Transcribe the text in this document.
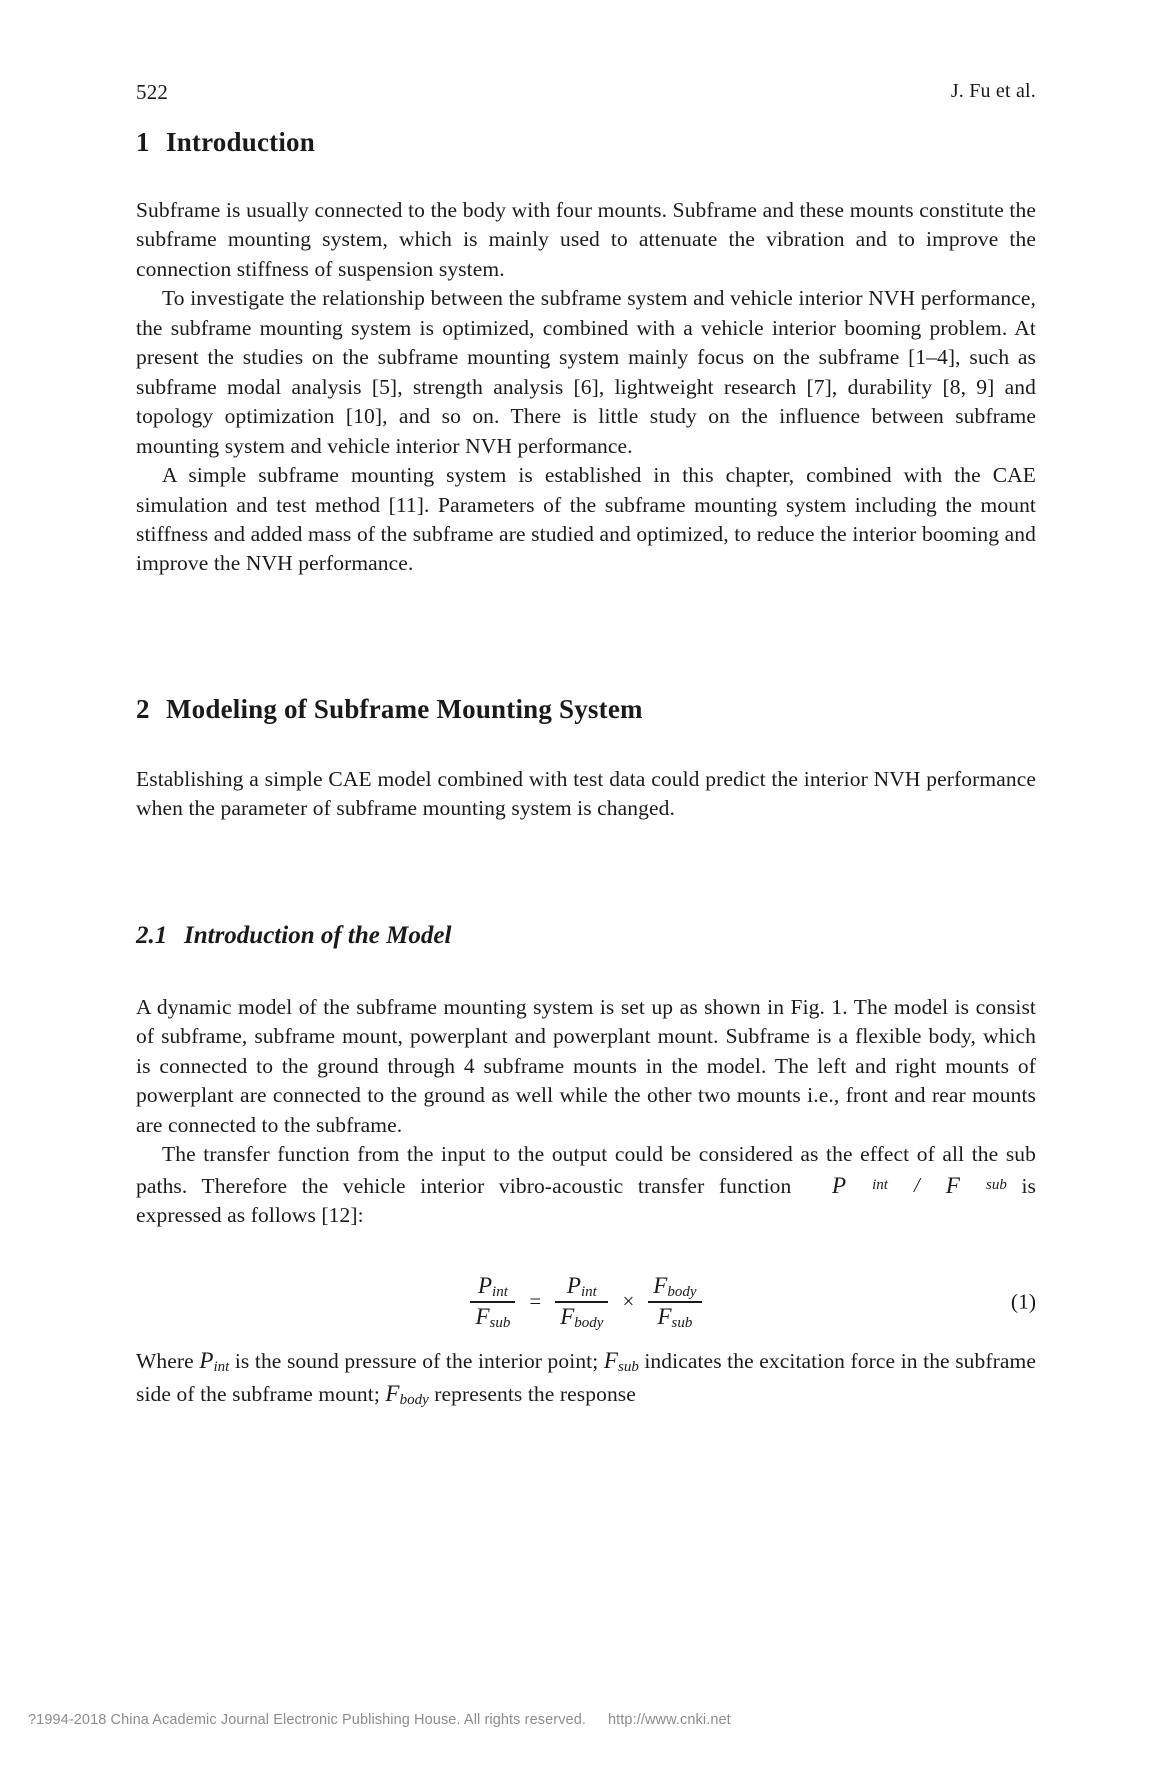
522	J. Fu et al.
1 Introduction

Subframe is usually connected to the body with four mounts. Subframe and these mounts constitute the subframe mounting system, which is mainly used to attenuate the vibration and to improve the connection stiffness of suspension system.

To investigate the relationship between the subframe system and vehicle interior NVH performance, the subframe mounting system is optimized, combined with a vehicle interior booming problem. At present the studies on the subframe mounting system mainly focus on the subframe [1–4], such as subframe modal analysis [5], strength analysis [6], lightweight research [7], durability [8, 9] and topology optimization [10], and so on. There is little study on the influence between subframe mounting system and vehicle interior NVH performance.

A simple subframe mounting system is established in this chapter, combined with the CAE simulation and test method [11]. Parameters of the subframe mounting system including the mount stiffness and added mass of the subframe are studied and optimized, to reduce the interior booming and improve the NVH performance.

2 Modeling of Subframe Mounting System

Establishing a simple CAE model combined with test data could predict the interior NVH performance when the parameter of subframe mounting system is changed.

2.1 Introduction of the Model

A dynamic model of the subframe mounting system is set up as shown in Fig. 1. The model is consist of subframe, subframe mount, powerplant and powerplant mount. Subframe is a flexible body, which is connected to the ground through 4 subframe mounts in the model. The left and right mounts of powerplant are connected to the ground as well while the other two mounts i.e., front and rear mounts are connected to the subframe.

The transfer function from the input to the output could be considered as the effect of all the sub paths. Therefore the vehicle interior vibro-acoustic transfer function	P	int	/	F	sub is expressed as follows [12]:

$\frac{\text{Pint}}{\text{Fsub}} = \frac{\text{Pint}}{\text{Fbody}} \times \frac{\text{Fbody}}{\text{Fsub}}$	(1)

Where Pint is the sound pressure of the interior point; Fsub indicates the excitation force in the subframe side of the subframe mount; Fbody represents the response

?1994-2018 China Academic Journal Electronic Publishing House. All rights reserved. http://www.cnki.net
